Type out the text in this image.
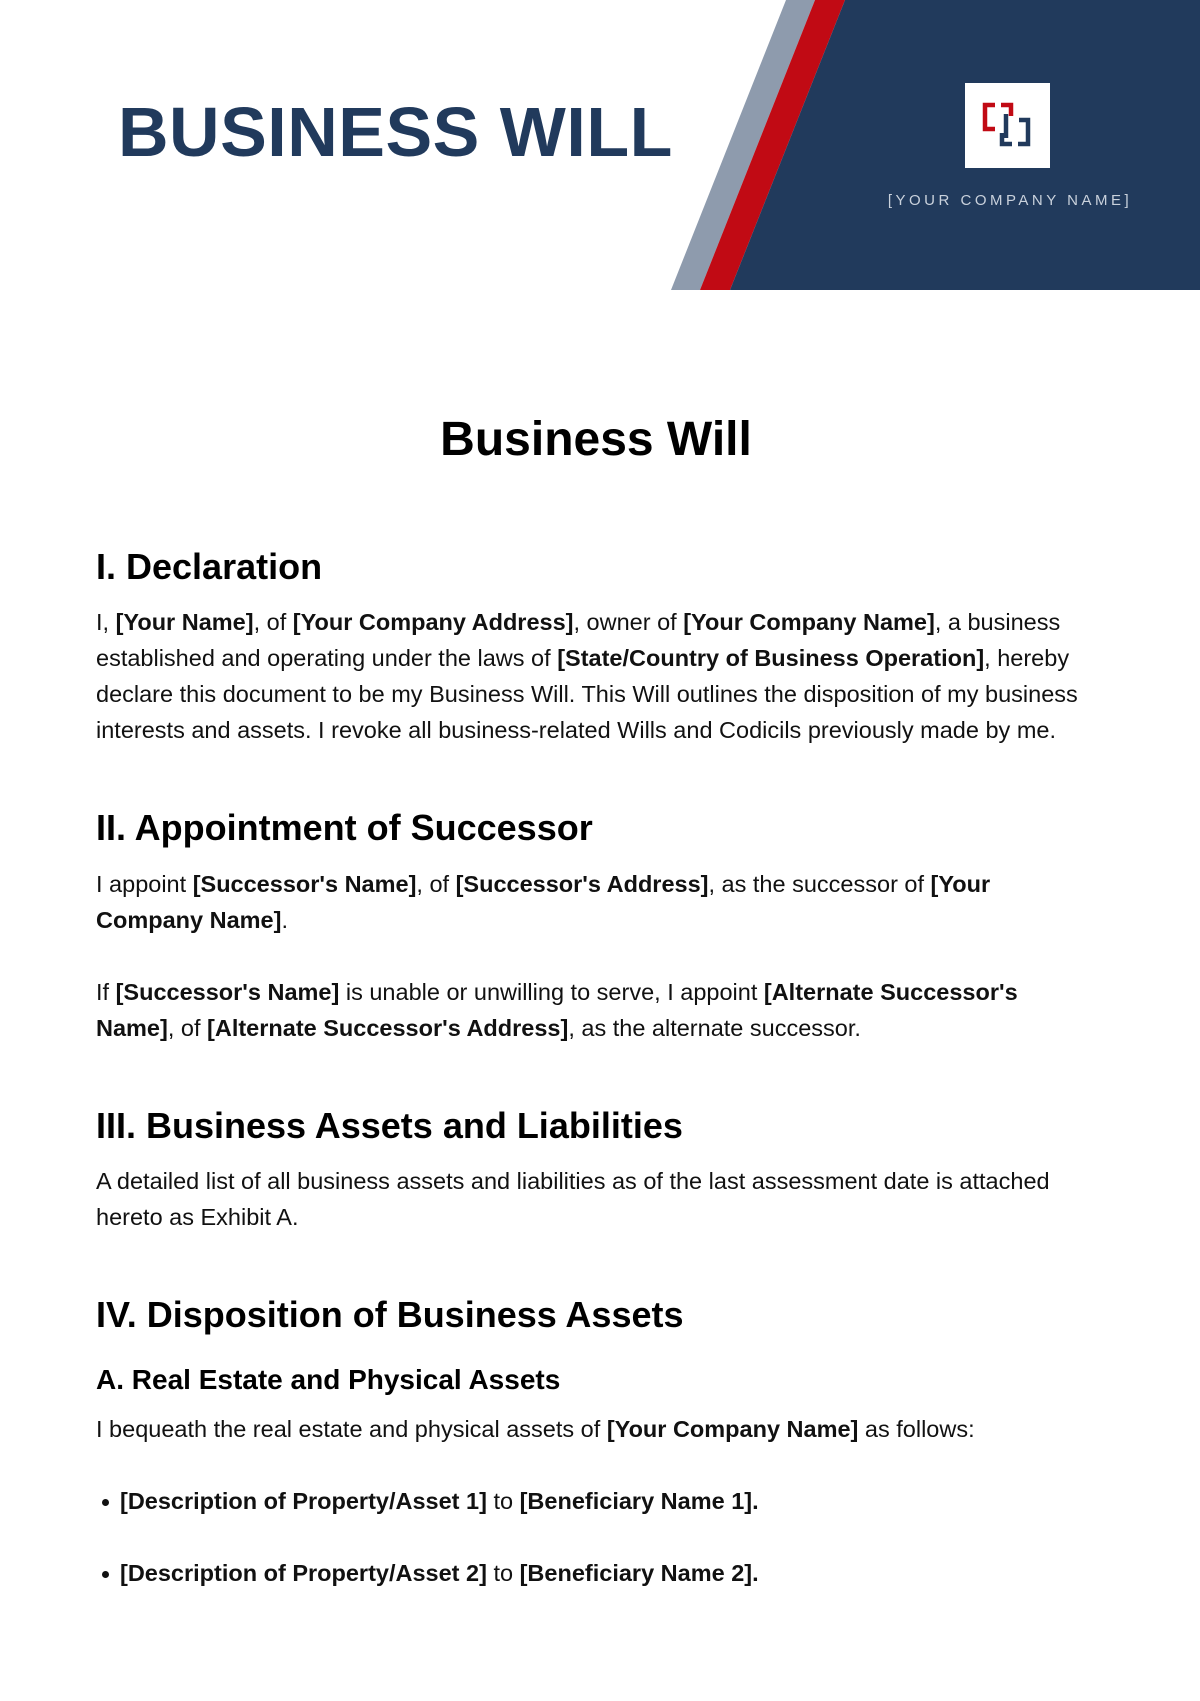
BUSINESS WILL
[YOUR COMPANY NAME]
Business Will
I. Declaration

I, [Your Name], of [Your Company Address], owner of [Your Company Name], a business established and operating under the laws of [State/Country of Business Operation], hereby declare this document to be my Business Will. This Will outlines the disposition of my business interests and assets. I revoke all business-related Wills and Codicils previously made by me.

II. Appointment of Successor

I appoint [Successor's Name], of [Successor's Address], as the successor of [Your Company Name].

If [Successor's Name] is unable or unwilling to serve, I appoint [Alternate Successor's Name], of [Alternate Successor's Address], as the alternate successor.

III. Business Assets and Liabilities

A detailed list of all business assets and liabilities as of the last assessment date is attached hereto as Exhibit A.

IV. Disposition of Business Assets
A. Real Estate and Physical Assets

I bequeath the real estate and physical assets of [Your Company Name] as follows:

[Description of Property/Asset 1] to [Beneficiary Name 1].
[Description of Property/Asset 2] to [Beneficiary Name 2].
